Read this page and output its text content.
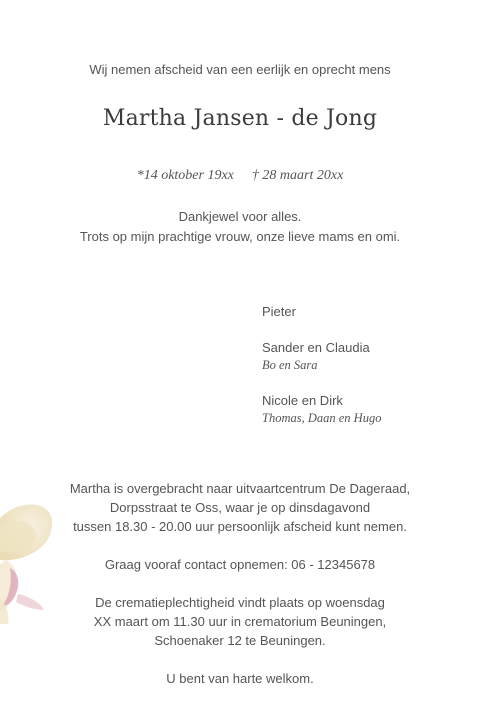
Wij nemen afscheid van een eerlijk en oprecht mens
Martha Jansen - de Jong
*14 oktober 19xx † 28 maart 20xx
Dankjewel voor alles.
Trots op mijn prachtige vrouw, onze lieve mams en omi.
Pieter
Sander en Claudia
Bo en Sara
Nicole en Dirk
Thomas, Daan en Hugo
Martha is overgebracht naar uitvaartcentrum De Dageraad,
Dorpsstraat te Oss, waar je op dinsdagavond
tussen 18.30 - 20.00 uur persoonlijk afscheid kunt nemen.
Graag vooraf contact opnemen: 06 - 12345678
De crematieplechtigheid vindt plaats op woensdag
XX maart om 11.30 uur in crematorium Beuningen,
Schoenaker 12 te Beuningen.
U bent van harte welkom.
